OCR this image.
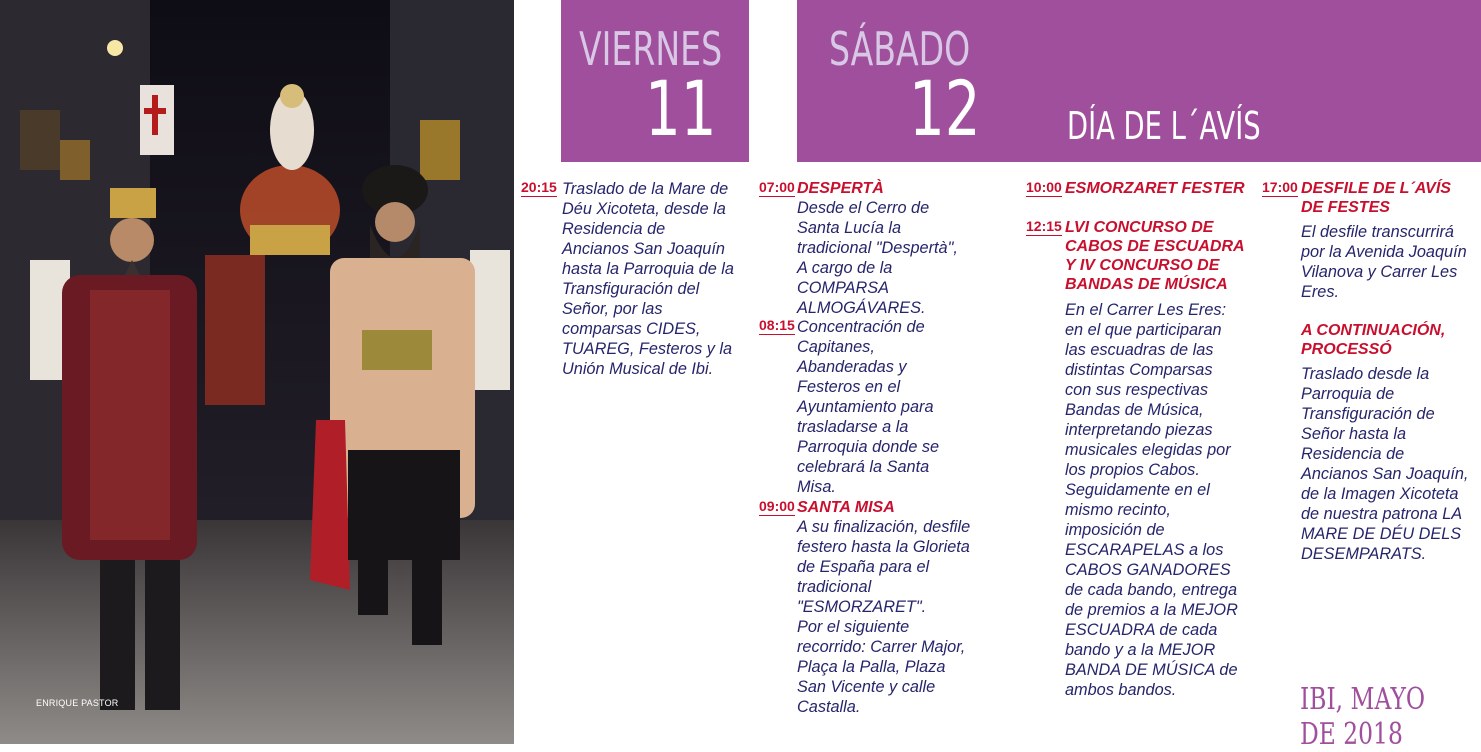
ENRIQUE PASTOR
VIERNES
11
SÁBADO
12 DÍA DE L´AVÍS
20:15 Traslado de la Mare de
Déu Xicoteta, desde la
Residencia de
Ancianos San Joaquín
hasta la Parroquia de la
Transfiguración del
Señor, por las
comparsas CIDES,
TUAREG, Festeros y la
Unión Musical de Ibi.
07:00 DESPERTÀ
Desde el Cerro de
Santa Lucía la
tradicional "Despertà",
A cargo de la
COMPARSA
ALMOGÁVARES.
08:15 Concentración de
Capitanes,
Abanderadas y
Festeros en el
Ayuntamiento para
trasladarse a la
Parroquia donde se
celebrará la Santa
Misa.
09:00 SANTA MISA
A su finalización, desfile
festero hasta la Glorieta
de España para el
tradicional
"ESMORZARET".
Por el siguiente
recorrido: Carrer Major,
Plaça la Palla, Plaza
San Vicente y calle
Castalla.
10:00 ESMORZARET FESTER
12:15 LVI CONCURSO DE
CABOS DE ESCUADRA
Y IV CONCURSO DE
BANDAS DE MÚSICA
En el Carrer Les Eres:
en el que participaran
las escuadras de las
distintas Comparsas
con sus respectivas
Bandas de Música,
interpretando piezas
musicales elegidas por
los propios Cabos.
Seguidamente en el
mismo recinto,
imposición de
ESCARAPELAS a los
CABOS GANADORES
de cada bando, entrega
de premios a la MEJOR
ESCUADRA de cada
bando y a la MEJOR
BANDA DE MÚSICA de
ambos bandos.
17:00 DESFILE DE L´AVÍS
DE FESTES
El desfile transcurrirá
por la Avenida Joaquín
Vilanova y Carrer Les
Eres.
A CONTINUACIÓN,
PROCESSÓ
Traslado desde la
Parroquia de
Transfiguración de
Señor hasta la
Residencia de
Ancianos San Joaquín,
de la Imagen Xicoteta
de nuestra patrona LA
MARE DE DÉU DELS
DESEMPARATS.
IBI, MAYO DE 2018
